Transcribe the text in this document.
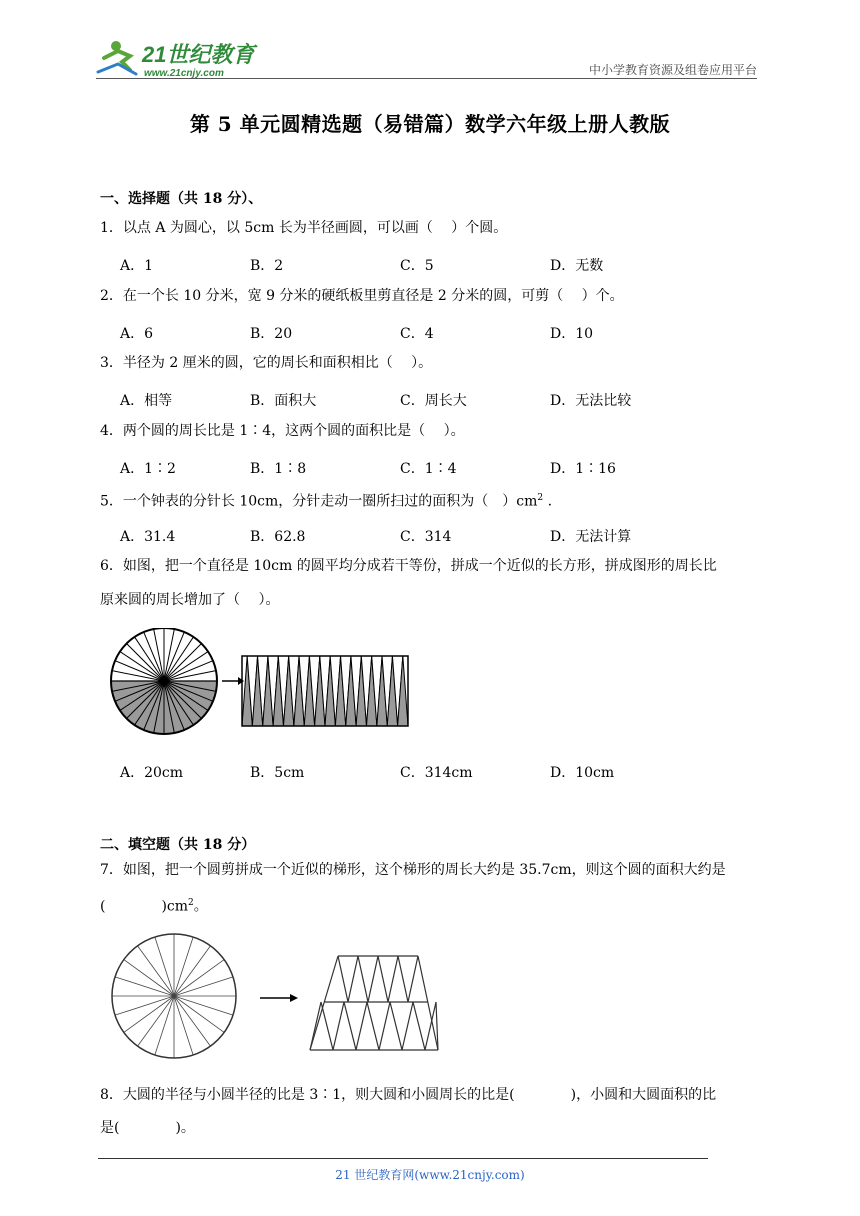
21世纪教育
www.21cnjy.com	中小学教育资源及组卷应用平台
第 5 单元圆精选题（易错篇）数学六年级上册人教版
一、选择题（共 18 分）、
1．以点 A 为圆心，以 5cm 长为半径画圆，可以画（　 ）个圆。
A．1	B．2	C．5	D．无数
2．在一个长 10 分米，宽 9 分米的硬纸板里剪直径是 2 分米的圆，可剪（　 ）个。
A．6	B．20	C．4	D．10
3．半径为 2 厘米的圆，它的周长和面积相比（　 ）。
A．相等	B．面积大	C．周长大	D．无法比较
4．两个圆的周长比是 1∶4，这两个圆的面积比是（　 ）。
A．1∶2	B．1∶8	C．1∶4	D．1∶16
5．一个钟表的分针长 10cm，分针走动一圈所扫过的面积为（　）$cm^2$ .
A．31.4	B．62.8	C．314	D．无法计算
6．如图，把一个直径是 10cm 的圆平均分成若干等份，拼成一个近似的长方形，拼成图形的周长比
原来圆的周长增加了（　 ）。
A．20cm	B．5cm	C．314cm	D．10cm
二、填空题（共 18 分）
7．如图，把一个圆剪拼成一个近似的梯形，这个梯形的周长大约是 35.7cm，则这个圆的面积大约是
(　　　　)$cm^2$。
8．大圆的半径与小圆半径的比是 3∶1，则大圆和小圆周长的比是(　　　　)，小圆和大圆面积的比
是(　　　　)。
21 世纪教育网(www.21cnjy.com)
